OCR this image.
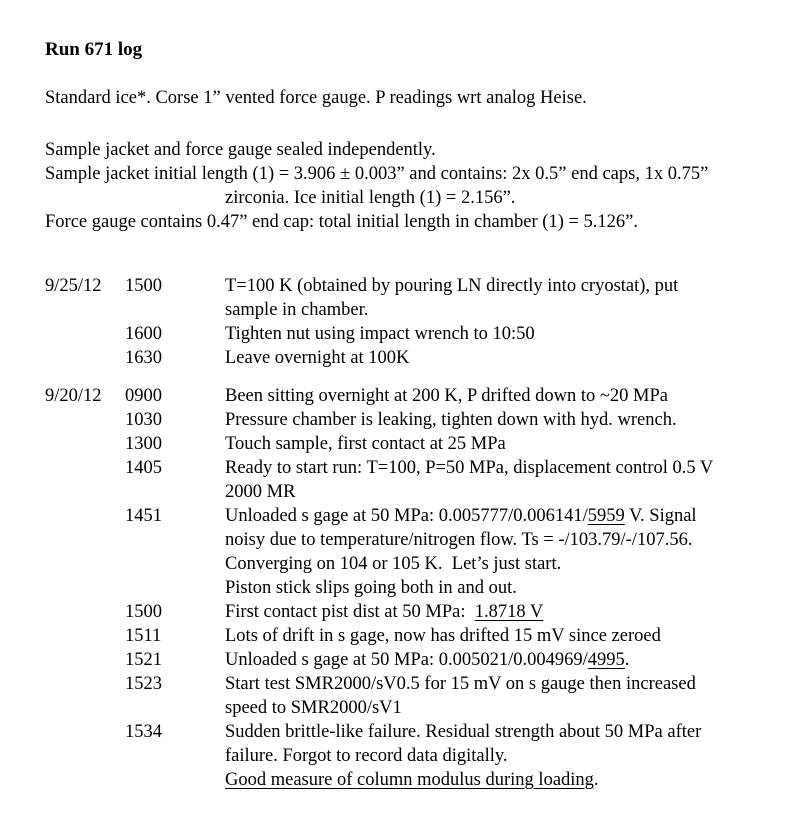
Run 671 log
Standard ice*. Corse 1” vented force gauge. P readings wrt analog Heise.
Sample jacket and force gauge sealed independently.
Sample jacket initial length (1) = 3.906 ± 0.003” and contains: 2x 0.5” end caps, 1x 0.75”
zirconia. Ice initial length (1) = 2.156”.
Force gauge contains 0.47” end cap: total initial length in chamber (1) = 5.126”.
9/25/12	1500	T=100 K (obtained by pouring LN directly into cryostat), put
sample in chamber.
1600	Tighten nut using impact wrench to 10:50
1630	Leave overnight at 100K
9/20/12	0900	Been sitting overnight at 200 K, P drifted down to ~20 MPa
1030	Pressure chamber is leaking, tighten down with hyd. wrench.
1300	Touch sample, first contact at 25 MPa
1405	Ready to start run: T=100, P=50 MPa, displacement control 0.5 V
2000 MR
1451	Unloaded s gage at 50 MPa: 0.005777/0.006141/5959 V. Signal
noisy due to temperature/nitrogen flow. Ts = -/103.79/-/107.56.
Converging on 104 or 105 K.  Let’s just start.
Piston stick slips going both in and out.
1500	First contact pist dist at 50 MPa:  1.8718 V
1511	Lots of drift in s gage, now has drifted 15 mV since zeroed
1521	Unloaded s gage at 50 MPa: 0.005021/0.004969/4995.
1523	Start test SMR2000/sV0.5 for 15 mV on s gauge then increased
speed to SMR2000/sV1
1534	Sudden brittle-like failure. Residual strength about 50 MPa after
failure. Forgot to record data digitally.
Good measure of column modulus during loading.
